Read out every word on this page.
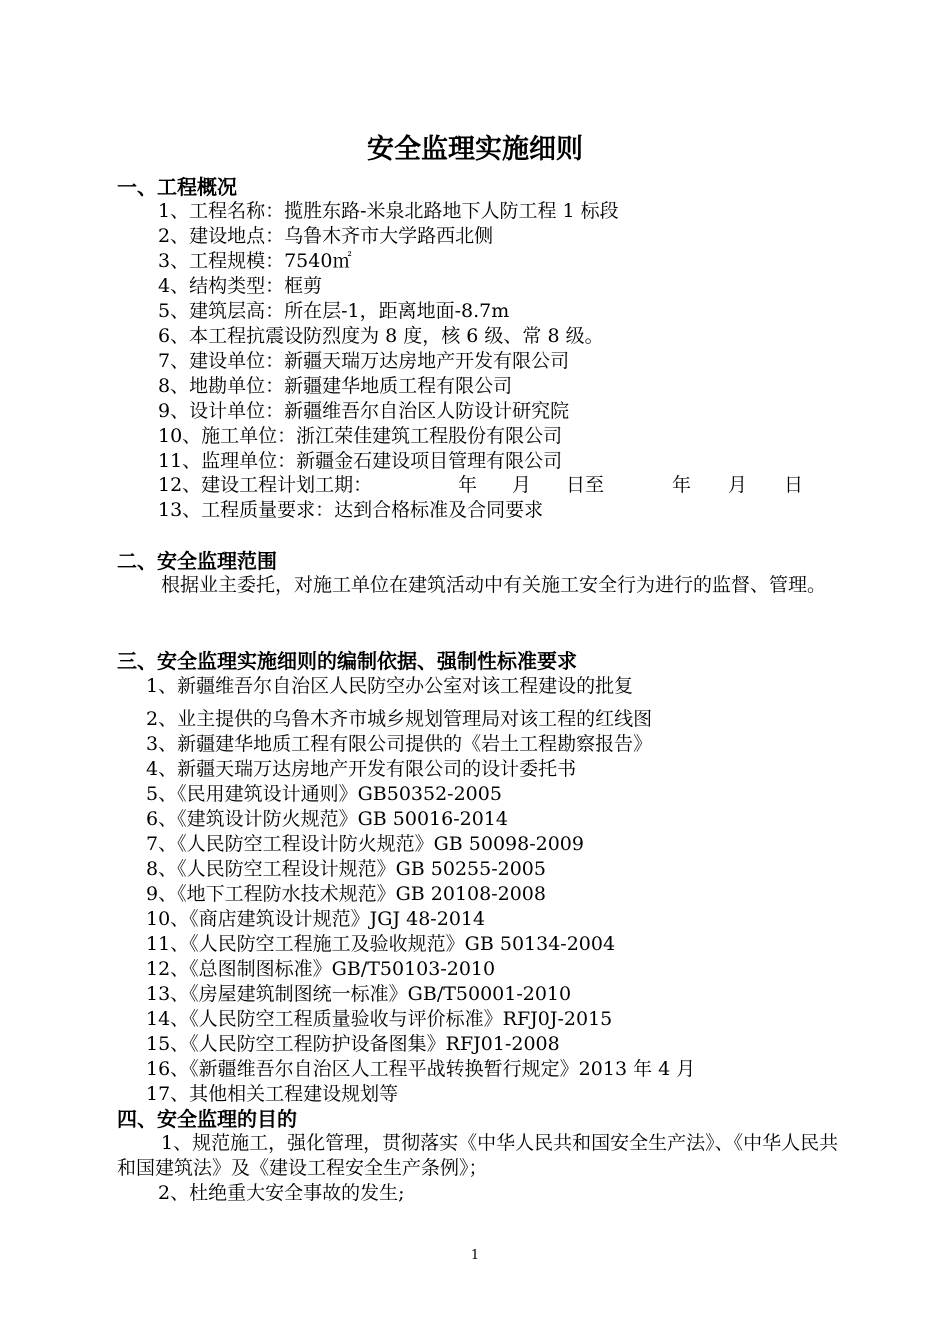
安全监理实施细则
一、工程概况
1、工程名称：揽胜东路-米泉北路地下人防工程 1 标段
2、建设地点：乌鲁木齐市大学路西北侧
3、工程规模：7540㎡
4、结构类型：框剪
5、建筑层高：所在层-1，距离地面-8.7m
6、本工程抗震设防烈度为 8 度，核 6 级、常 8 级。
7、建设单位：新疆天瑞万达房地产开发有限公司
8、地勘单位：新疆建华地质工程有限公司
9、设计单位：新疆维吾尔自治区人防设计研究院
10、施工单位：浙江荣佳建筑工程股份有限公司
11、监理单位：新疆金石建设项目管理有限公司
12、建设工程计划工期：	年 月 日至	年 月 日
13、工程质量要求：达到合格标准及合同要求
二、安全监理范围
根据业主委托，对施工单位在建筑活动中有关施工安全行为进行的监督、管理。
三、安全监理实施细则的编制依据、强制性标准要求
1、新疆维吾尔自治区人民防空办公室对该工程建设的批复
2、业主提供的乌鲁木齐市城乡规划管理局对该工程的红线图
3、新疆建华地质工程有限公司提供的《岩土工程勘察报告》
4、新疆天瑞万达房地产开发有限公司的设计委托书
5、《民用建筑设计通则》GB50352-2005
6、《建筑设计防火规范》GB 50016-2014
7、《人民防空工程设计防火规范》GB 50098-2009
8、《人民防空工程设计规范》GB 50255-2005
9、《地下工程防水技术规范》GB 20108-2008
10、《商店建筑设计规范》JGJ 48-2014
11、《人民防空工程施工及验收规范》GB 50134-2004
12、《总图制图标准》GB/T50103-2010
13、《房屋建筑制图统一标准》GB/T50001-2010
14、《人民防空工程质量验收与评价标准》RFJ0J-2015
15、《人民防空工程防护设备图集》RFJ01-2008
16、《新疆维吾尔自治区人工程平战转换暂行规定》2013 年 4 月
17、其他相关工程建设规划等
四、安全监理的目的
1、规范施工，强化管理，贯彻落实《中华人民共和国安全生产法》、《中华人民共和国建筑法》及《建设工程安全生产条例》；
2、杜绝重大安全事故的发生;
1
